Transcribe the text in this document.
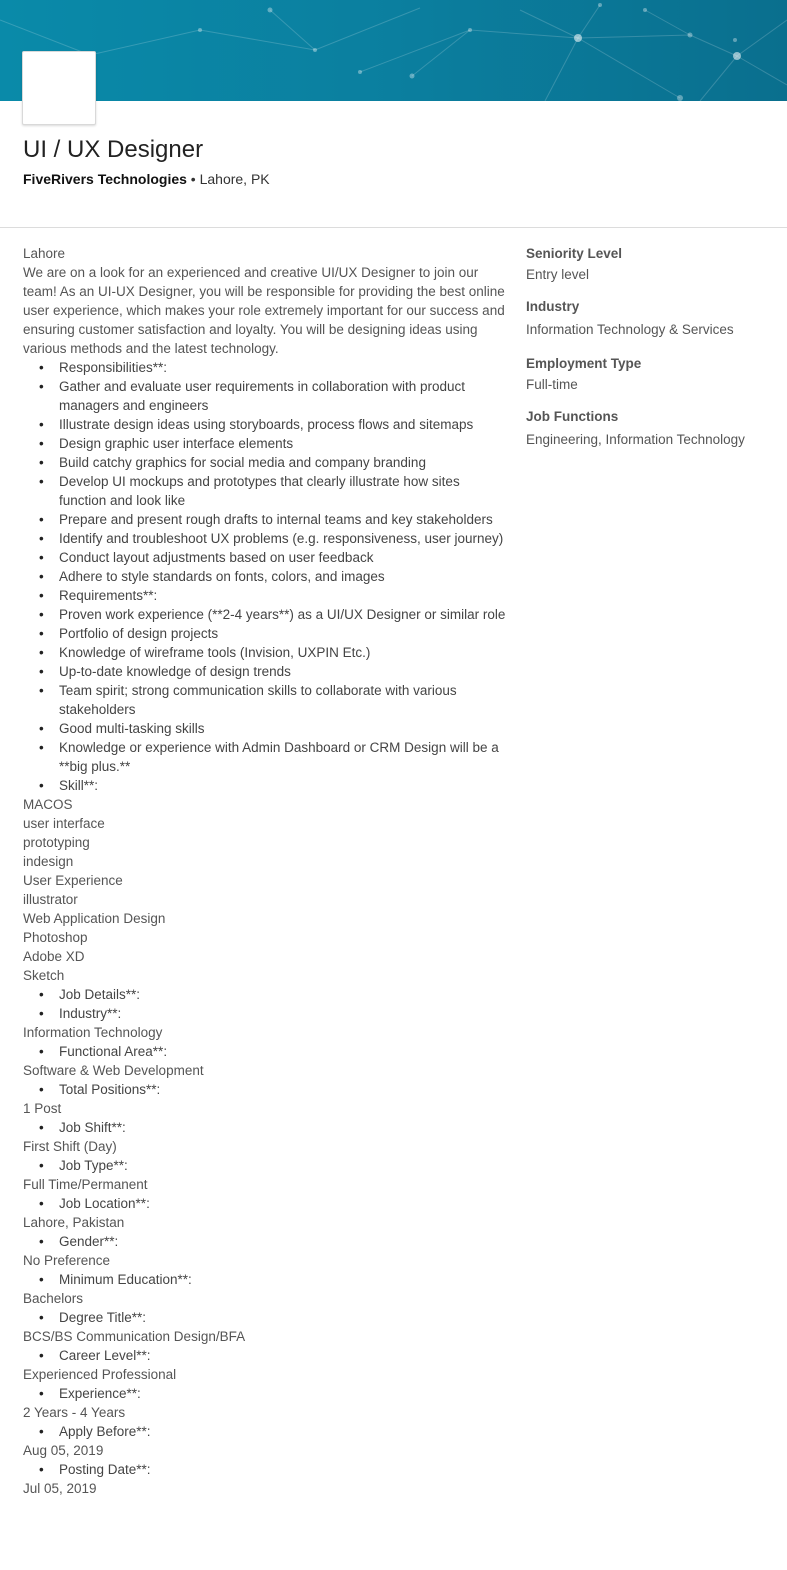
UI / UX Designer
FiveRivers Technologies • Lahore, PK

Lahore

We are on a look for an experienced and creative UI/UX Designer to join our team! As an UI-UX Designer, you will be responsible for providing the best online user experience, which makes your role extremely important for our success and ensuring customer satisfaction and loyalty. You will be designing ideas using various methods and the latest technology.

• Responsibilities**:
• Gather and evaluate user requirements in collaboration with product managers and engineers
• Illustrate design ideas using storyboards, process flows and sitemaps
• Design graphic user interface elements
• Build catchy graphics for social media and company branding
• Develop UI mockups and prototypes that clearly illustrate how sites function and look like
• Prepare and present rough drafts to internal teams and key stakeholders
• Identify and troubleshoot UX problems (e.g. responsiveness, user journey)
• Conduct layout adjustments based on user feedback
• Adhere to style standards on fonts, colors, and images
• Requirements**:
• Proven work experience (**2-4 years**) as a UI/UX Designer or similar role
• Portfolio of design projects
• Knowledge of wireframe tools (Invision, UXPIN Etc.)
• Up-to-date knowledge of design trends
• Team spirit; strong communication skills to collaborate with various stakeholders
• Good multi-tasking skills
• Knowledge or experience with Admin Dashboard or CRM Design will be a **big plus.**
• Skill**:

MACOS

user interface

prototyping

indesign

User Experience

illustrator

Web Application Design

Photoshop

Adobe XD

Sketch

• Job Details**:
• Industry**:

Information Technology

• Functional Area**:

Software & Web Development

• Total Positions**:

1 Post

• Job Shift**:

First Shift (Day)

• Job Type**:

Full Time/Permanent

• Job Location**:

Lahore, Pakistan

• Gender**:

No Preference

• Minimum Education**:

Bachelors

• Degree Title**:

BCS/BS Communication Design/BFA

• Career Level**:

Experienced Professional

• Experience**:

2 Years - 4 Years

• Apply Before**:

Aug 05, 2019

• Posting Date**:

Jul 05, 2019

Seniority Level
Entry level
Industry
Information Technology & Services
Employment Type
Full-time
Job Functions
Engineering, Information Technology
